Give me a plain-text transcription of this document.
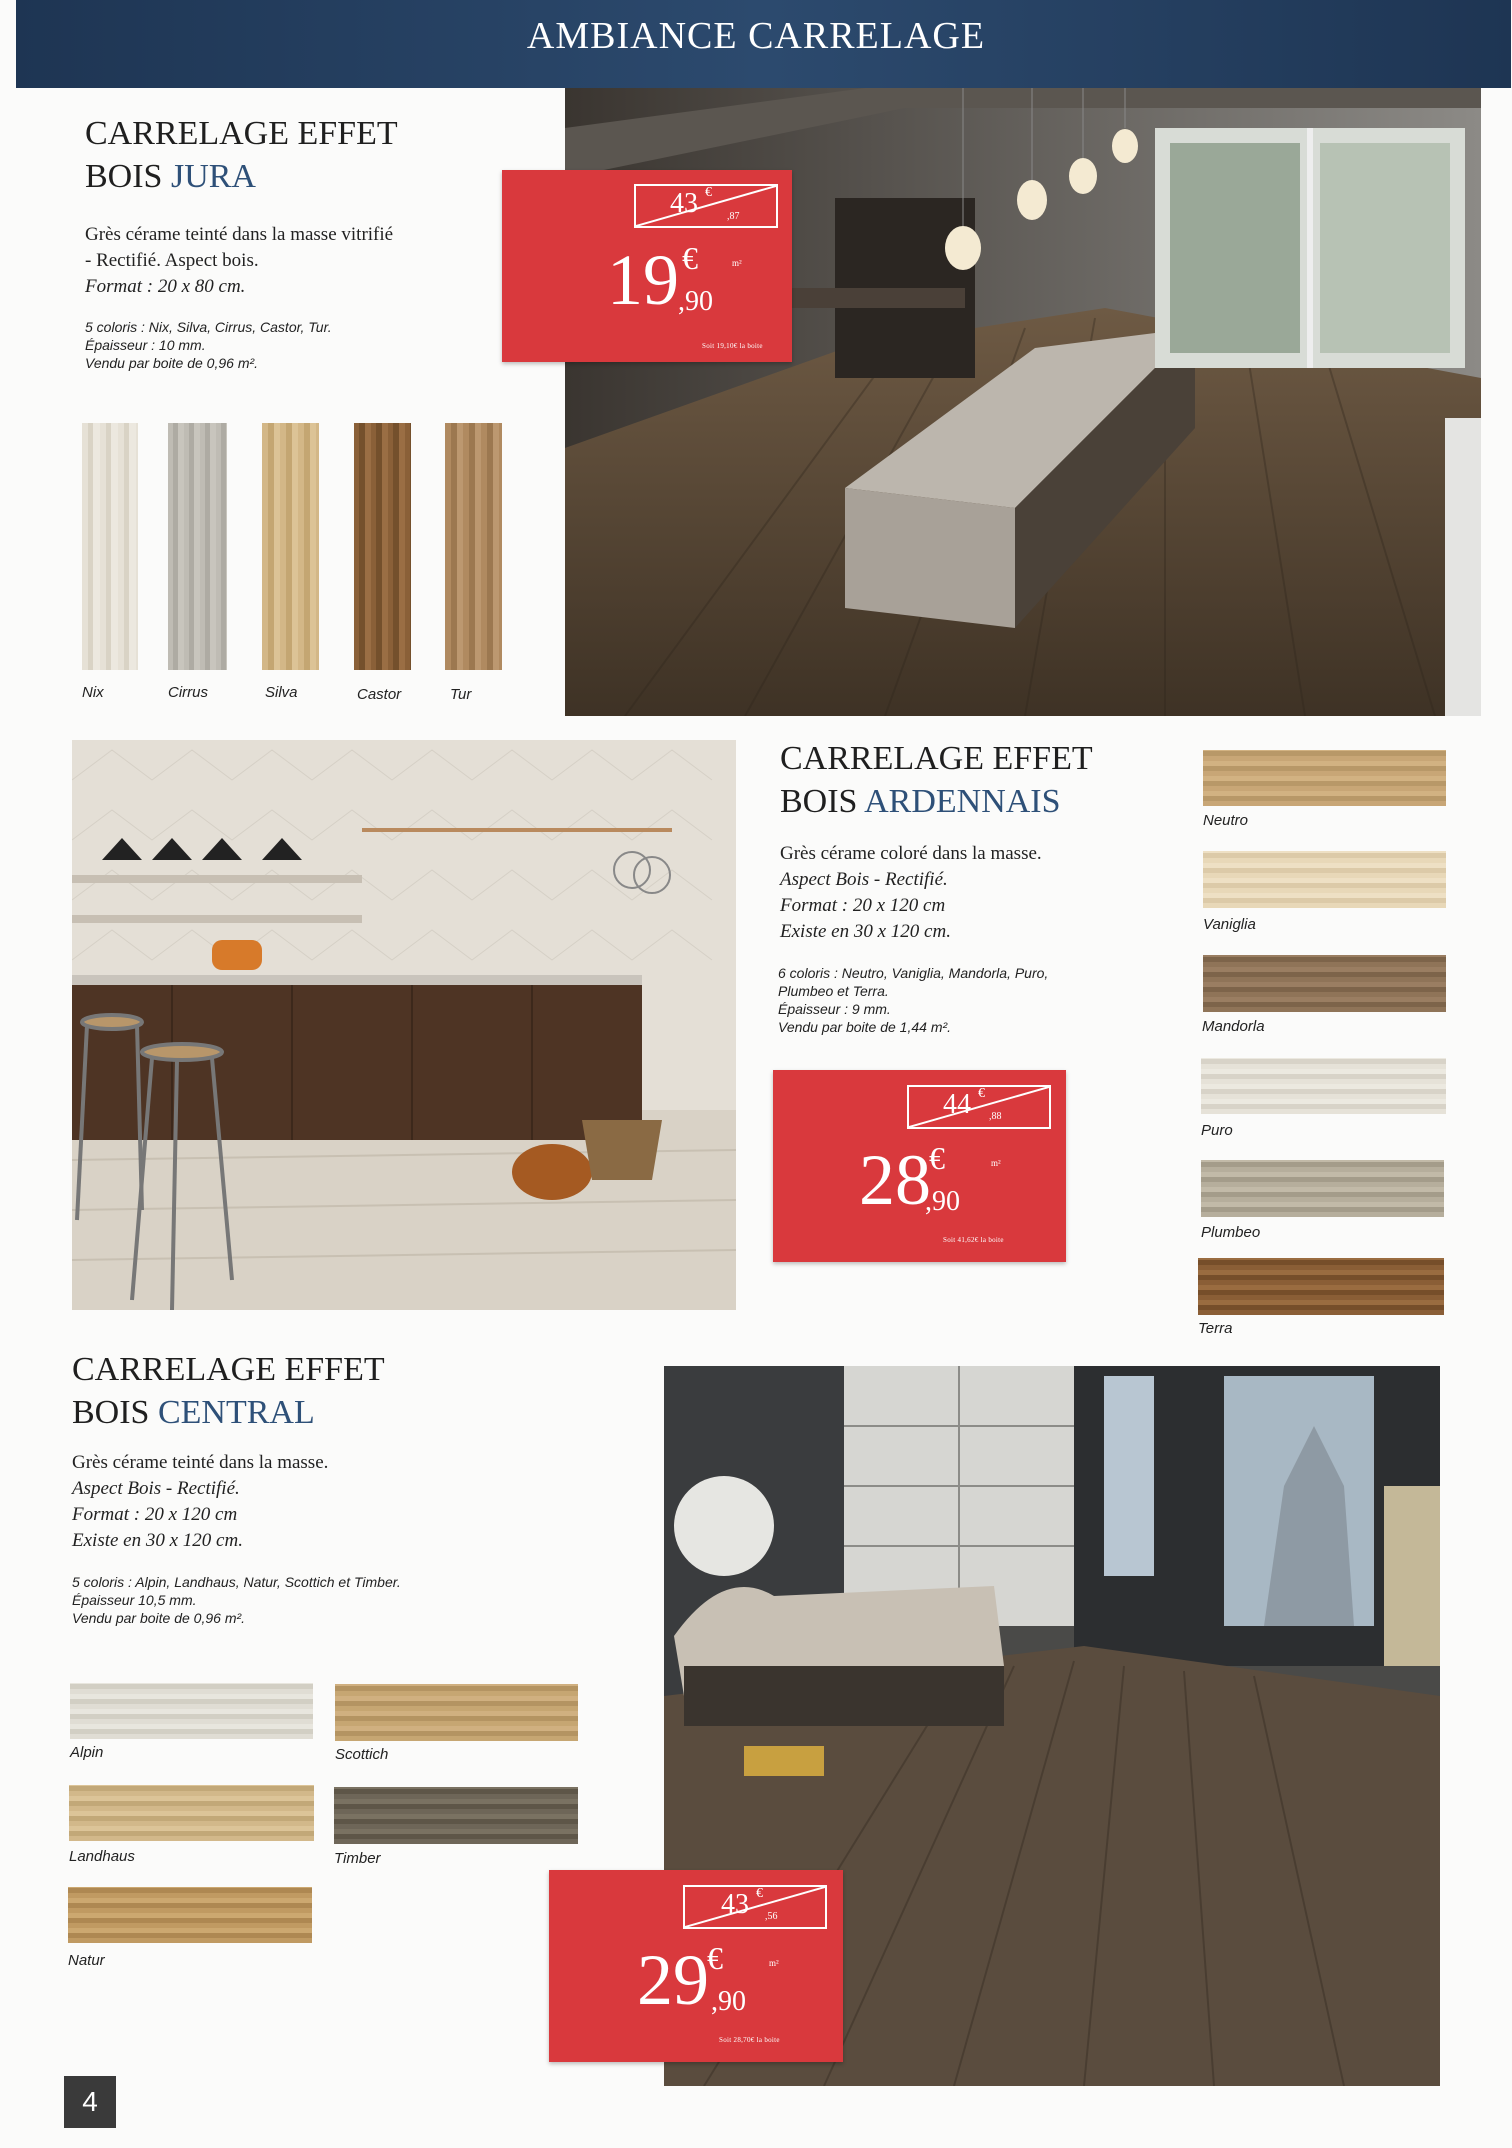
AMBIANCE CARRELAGE
CARRELAGE EFFET
BOIS JURA
Grès cérame teinté dans la masse vitrifié
- Rectifié. Aspect bois.
Format : 20 x 80 cm.
5 coloris : Nix, Silva, Cirrus, Castor, Tur.
Épaisseur : 10 mm.
Vendu par boite de 0,96 m².
Nix	Cirrus	Silva	Castor	Tur
43 €
,87
19 €
,90
m²
Soit 19,10€ la boite
CARRELAGE EFFET
BOIS ARDENNAIS
Grès cérame coloré dans la masse.
Aspect Bois - Rectifié.
Format : 20 x 120 cm
Existe en 30 x 120 cm.
6 coloris : Neutro, Vaniglia, Mandorla, Puro,
Plumbeo et Terra.
Épaisseur : 9 mm.
Vendu par boite de 1,44 m².
44 €
,88
28
€
,90
m²
Soit 41,62€ la boite
Neutro
Vaniglia
Mandorla
Puro
Plumbeo
Terra
CARRELAGE EFFET
BOIS CENTRAL
Grès cérame teinté dans la masse.
Aspect Bois - Rectifié.
Format : 20 x 120 cm
Existe en 30 x 120 cm.
5 coloris : Alpin, Landhaus, Natur, Scottich et Timber.
Épaisseur 10,5 mm.
Vendu par boite de 0,96 m².
Alpin	Scottich
Landhaus	Timber
Natur
43 €
,56
29
€
,90
m²
Soit 28,70€ la boite
4
